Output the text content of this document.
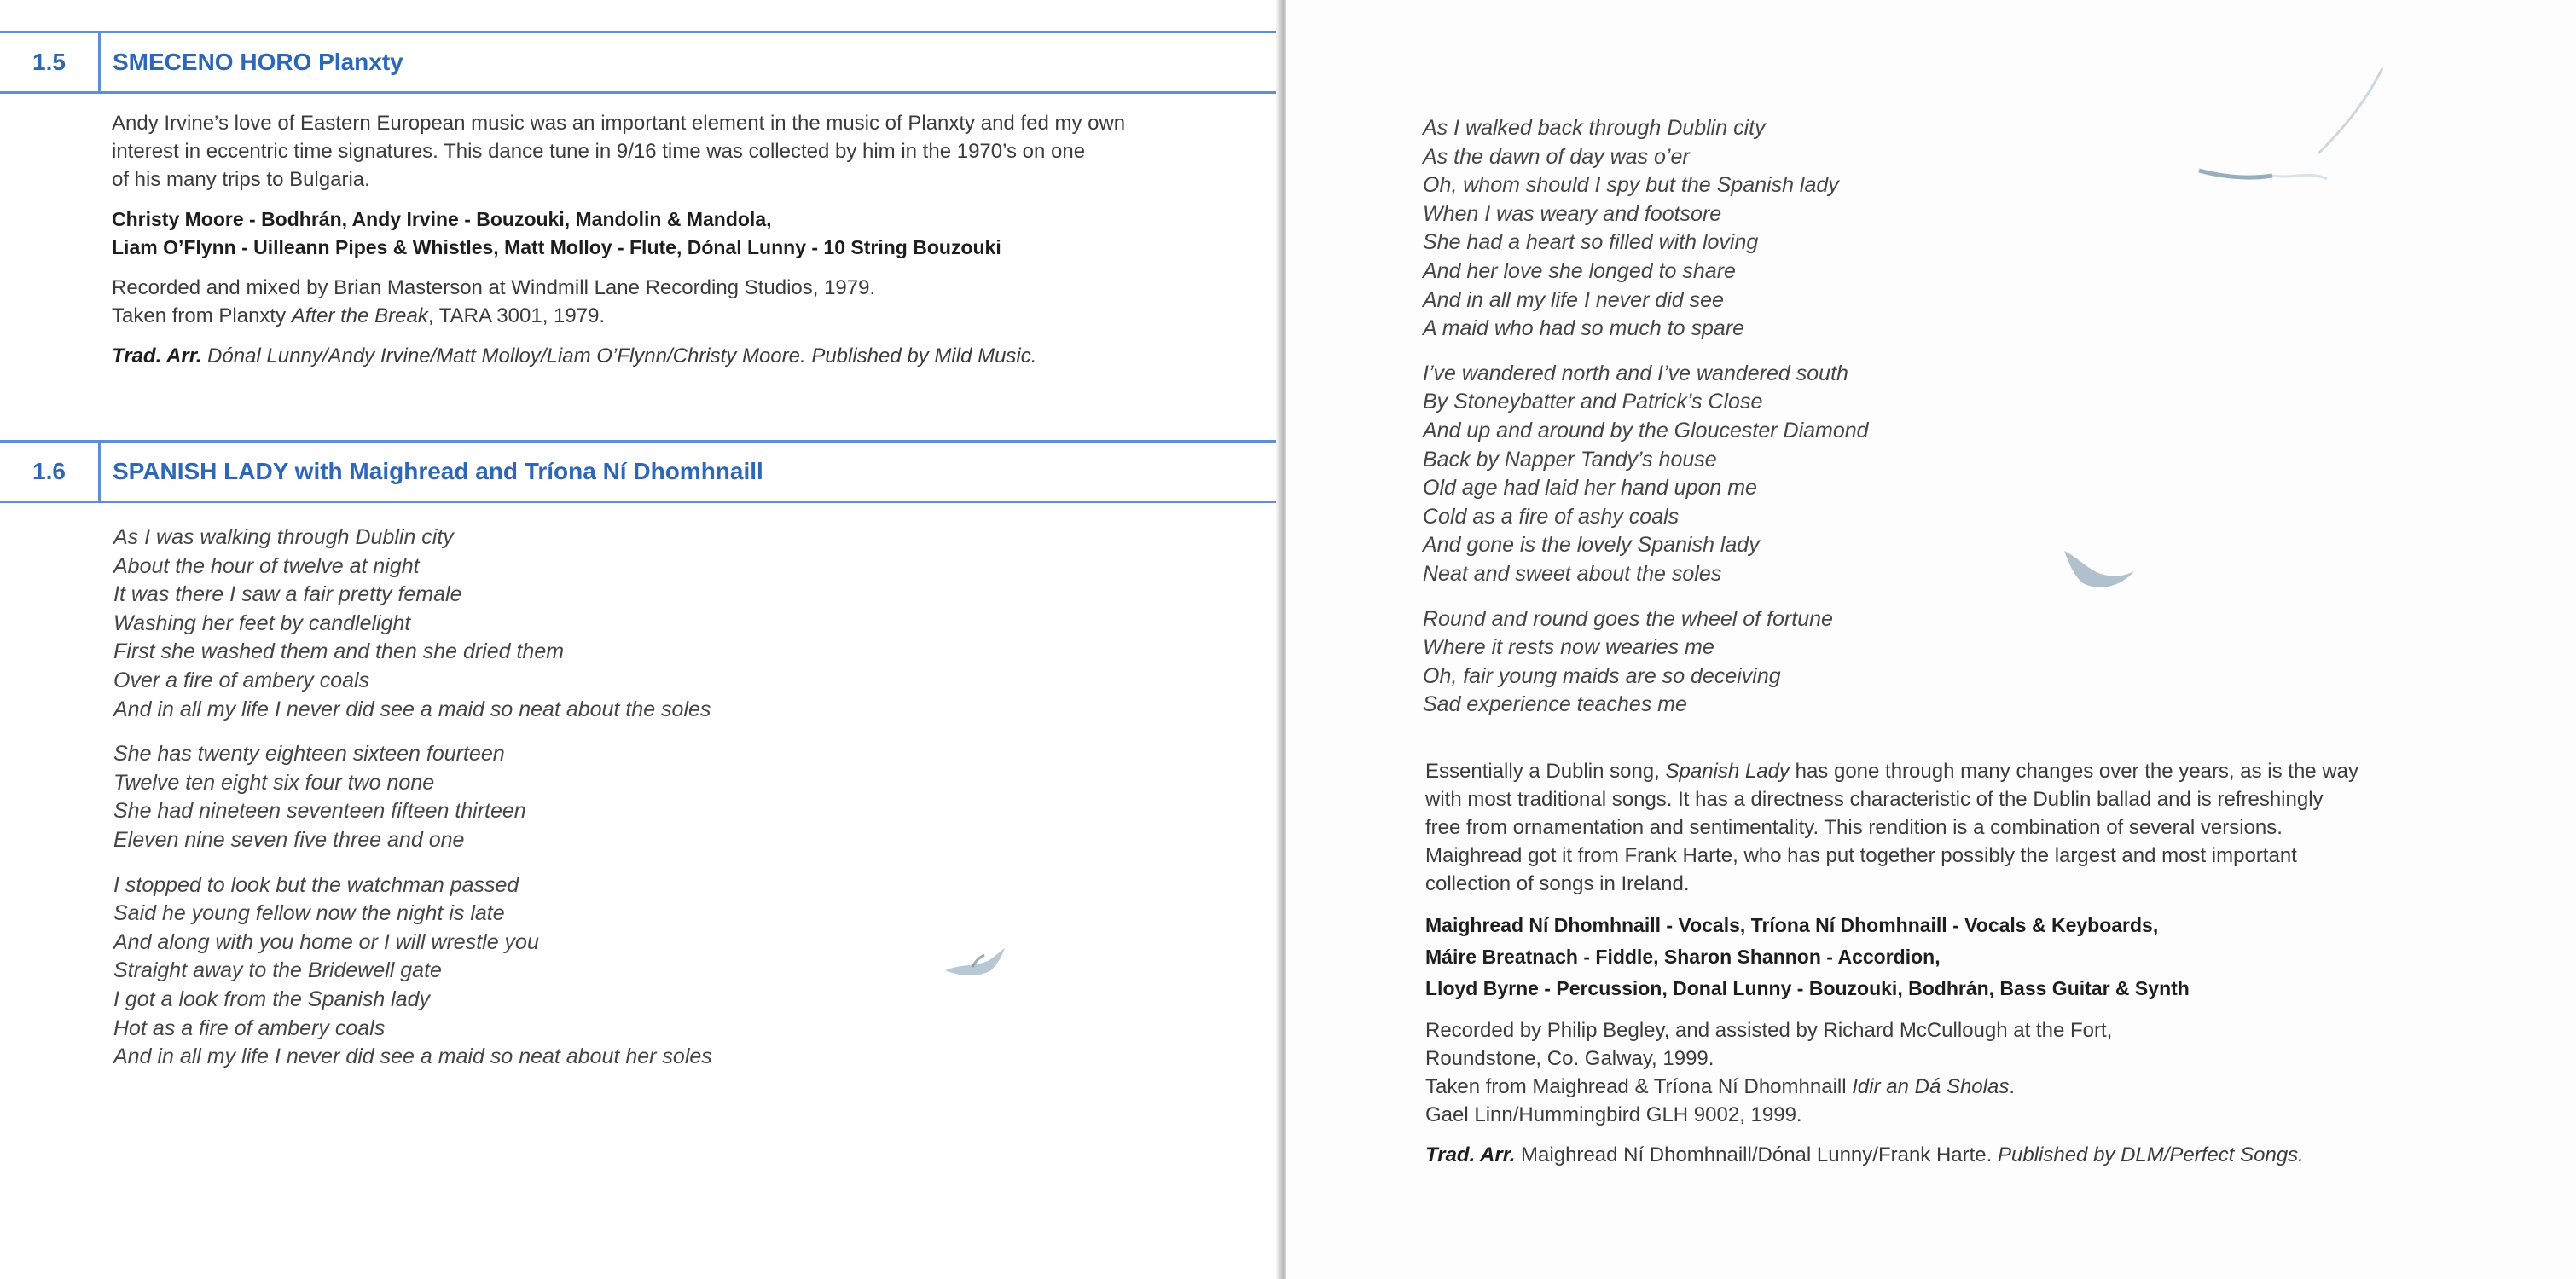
1.5	SMECENO HORO Planxty
Andy Irvine’s love of Eastern European music was an important element in the music of Planxty and fed my own
interest in eccentric time signatures. This dance tune in 9/16 time was collected by him in the 1970’s on one
of his many trips to Bulgaria.
Christy Moore - Bodhrán, Andy Irvine - Bouzouki, Mandolin & Mandola,
Liam O’Flynn - Uilleann Pipes & Whistles, Matt Molloy - Flute, Dónal Lunny - 10 String Bouzouki
Recorded and mixed by Brian Masterson at Windmill Lane Recording Studios, 1979.
Taken from Planxty After the Break, TARA 3001, 1979.
Trad. Arr. Dónal Lunny/Andy Irvine/Matt Molloy/Liam O’Flynn/Christy Moore. Published by Mild Music.
1.6	SPANISH LADY with Maighread and Tríona Ní Dhomhnaill
As I was walking through Dublin city
About the hour of twelve at night
It was there I saw a fair pretty female
Washing her feet by candlelight
First she washed them and then she dried them
Over a fire of ambery coals
And in all my life I never did see a maid so neat about the soles
She has twenty eighteen sixteen fourteen
Twelve ten eight six four two none
She had nineteen seventeen fifteen thirteen
Eleven nine seven five three and one
I stopped to look but the watchman passed
Said he young fellow now the night is late
And along with you home or I will wrestle you
Straight away to the Bridewell gate
I got a look from the Spanish lady
Hot as a fire of ambery coals
And in all my life I never did see a maid so neat about her soles
As I walked back through Dublin city
As the dawn of day was o’er
Oh, whom should I spy but the Spanish lady
When I was weary and footsore
She had a heart so filled with loving
And her love she longed to share
And in all my life I never did see
A maid who had so much to spare
I’ve wandered north and I’ve wandered south
By Stoneybatter and Patrick’s Close
And up and around by the Gloucester Diamond
Back by Napper Tandy’s house
Old age had laid her hand upon me
Cold as a fire of ashy coals
And gone is the lovely Spanish lady
Neat and sweet about the soles
Round and round goes the wheel of fortune
Where it rests now wearies me
Oh, fair young maids are so deceiving
Sad experience teaches me
Essentially a Dublin song, Spanish Lady has gone through many changes over the years, as is the way
with most traditional songs. It has a directness characteristic of the Dublin ballad and is refreshingly
free from ornamentation and sentimentality. This rendition is a combination of several versions.
Maighread got it from Frank Harte, who has put together possibly the largest and most important
collection of songs in Ireland.
Maighread Ní Dhomhnaill - Vocals, Tríona Ní Dhomhnaill - Vocals & Keyboards,
Máire Breatnach - Fiddle, Sharon Shannon - Accordion,
Lloyd Byrne - Percussion, Donal Lunny - Bouzouki, Bodhrán, Bass Guitar & Synth
Recorded by Philip Begley, and assisted by Richard McCullough at the Fort,
Roundstone, Co. Galway, 1999.
Taken from Maighread & Tríona Ní Dhomhnaill Idir an Dá Sholas.
Gael Linn/Hummingbird GLH 9002, 1999.
Trad. Arr. Maighread Ní Dhomhnaill/Dónal Lunny/Frank Harte. Published by DLM/Perfect Songs.
